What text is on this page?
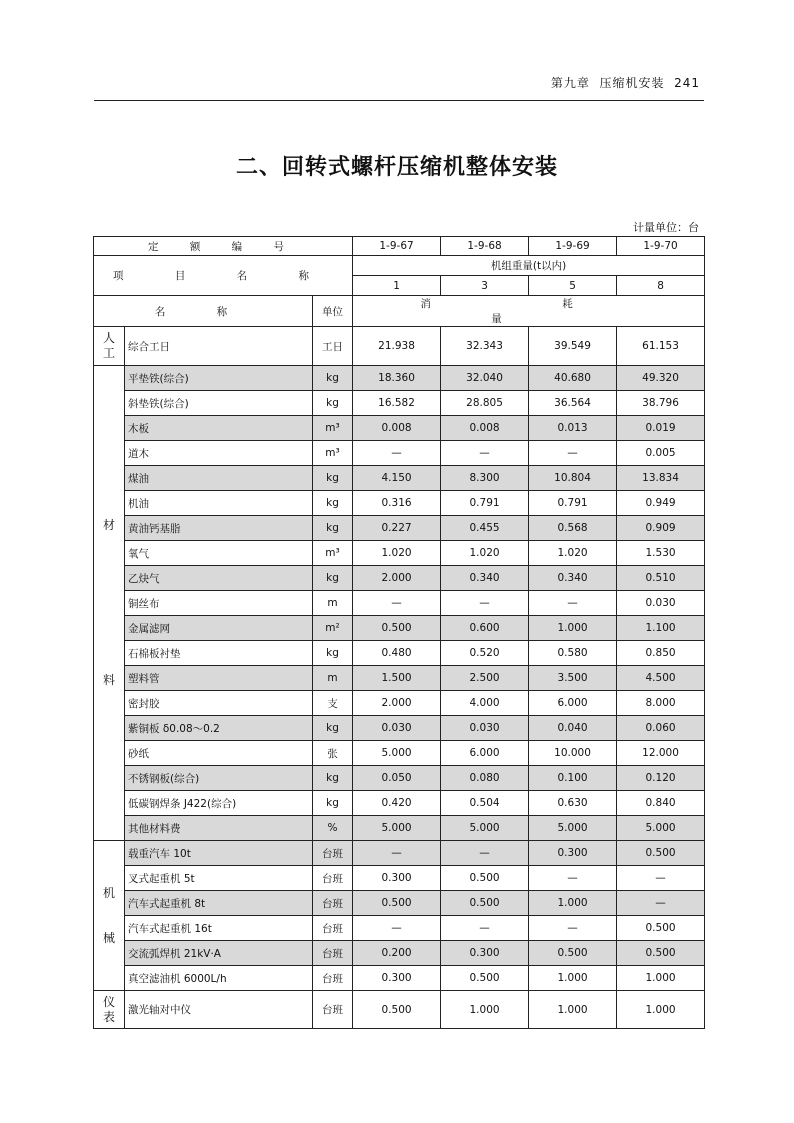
第九章  压缩机安装  241
二、回转式螺杆压缩机整体安装
计量单位：台
定 额 编 号			1-9-67	1-9-68	1-9-69	1-9-70
项 目 名 称			机组重量(t以内)			
			1	3	5	8
名 称		单位	消 耗 量			
人工	综合工日	工日	21.938	32.343	39.549	61.153

材
料	平垫铁(综合)	kg	18.360	32.040	40.680	49.320
	斜垫铁(综合)	kg	16.582	28.805	36.564	38.796
	木板	m³	0.008	0.008	0.013	0.019
	道木	m³	—	—	—	0.005
	煤油	kg	4.150	8.300	10.804	13.834
	机油	kg	0.316	0.791	0.791	0.949
	黄油钙基脂	kg	0.227	0.455	0.568	0.909
	氧气	m³	1.020	1.020	1.020	1.530
	乙炔气	kg	2.000	0.340	0.340	0.510
	铜丝布	m	—	—	—	0.030
	金属滤网	m²	0.500	0.600	1.000	1.100
	石棉板衬垫	kg	0.480	0.520	0.580	0.850
	塑料管	m	1.500	2.500	3.500	4.500
	密封胶	支	2.000	4.000	6.000	8.000
	紫铜板 δ0.08～0.2	kg	0.030	0.030	0.040	0.060
	砂纸	张	5.000	6.000	10.000	12.000
	不锈钢板(综合)	kg	0.050	0.080	0.100	0.120
	低碳钢焊条 J422(综合)	kg	0.420	0.504	0.630	0.840
	其他材料费	%	5.000	5.000	5.000	5.000

机
械	载重汽车 10t	台班	—	—	0.300	0.500
	叉式起重机 5t	台班	0.300	0.500	—	—
	汽车式起重机 8t	台班	0.500	0.500	1.000	—
	汽车式起重机 16t	台班	—	—	—	0.500
	交流弧焊机 21kV·A	台班	0.200	0.300	0.500	0.500
	真空滤油机 6000L/h	台班	0.300	0.500	1.000	1.000

仪
表	激光轴对中仪	台班	0.500	1.000	1.000	1.000
